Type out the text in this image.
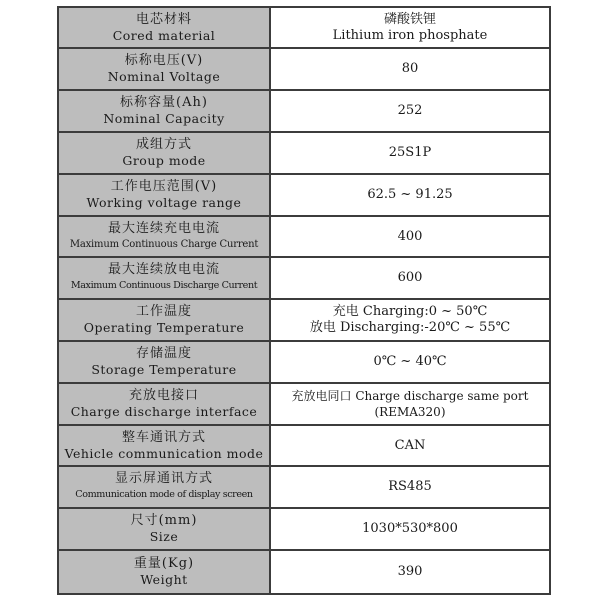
电芯材料
Cored material	磷酸铁锂
Lithium iron phosphate

标称电压(V)
Nominal Voltage	80

标称容量(Ah)
Nominal Capacity	252

成组方式
Group mode	25S1P

工作电压范围(V)
Working voltage range	62.5 ~ 91.25

最大连续充电电流
Maximum Continuous Charge Current	400

最大连续放电电流
Maximum Continuous Discharge Current	600

工作温度
Operating Temperature	充电 Charging:0 ~ 50℃
放电 Discharging:-20℃ ~ 55℃

存储温度
Storage Temperature	0℃ ~ 40℃

充放电接口
Charge discharge interface	充放电同口 Charge discharge same port
(REMA320)

整车通讯方式
Vehicle communication mode	CAN

显示屏通讯方式
Communication mode of display screen	RS485

尺寸(mm)
Size	1030*530*800

重量(Kg)
Weight	390
